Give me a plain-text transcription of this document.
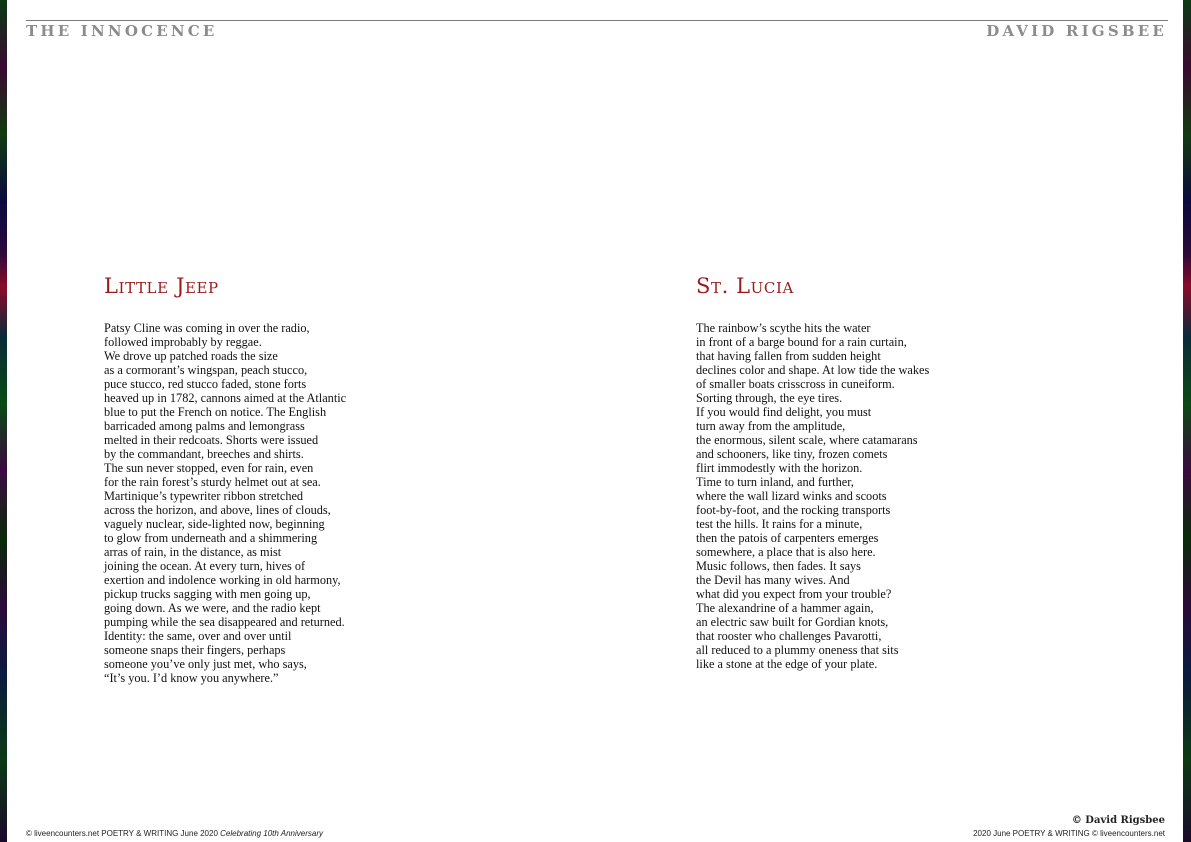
THE INNOCENCE	DAVID RIGSBEE
Little Jeep
Patsy Cline was coming in over the radio,
followed improbably by reggae.
We drove up patched roads the size
as a cormorant’s wingspan, peach stucco,
puce stucco, red stucco faded, stone forts
heaved up in 1782, cannons aimed at the Atlantic
blue to put the French on notice. The English
barricaded among palms and lemongrass
melted in their redcoats. Shorts were issued
by the commandant, breeches and shirts.
The sun never stopped, even for rain, even
for the rain forest’s sturdy helmet out at sea.
Martinique’s typewriter ribbon stretched
across the horizon, and above, lines of clouds,
vaguely nuclear, side-lighted now, beginning
to glow from underneath and a shimmering
arras of rain, in the distance, as mist
joining the ocean. At every turn, hives of
exertion and indolence working in old harmony,
pickup trucks sagging with men going up,
going down. As we were, and the radio kept
pumping while the sea disappeared and returned.
Identity: the same, over and over until
someone snaps their fingers, perhaps
someone you’ve only just met, who says,
“It’s you. I’d know you anywhere.”
St. Lucia
The rainbow’s scythe hits the water
in front of a barge bound for a rain curtain,
that having fallen from sudden height
declines color and shape. At low tide the wakes
of smaller boats crisscross in cuneiform.
Sorting through, the eye tires.
If you would find delight, you must
turn away from the amplitude,
the enormous, silent scale, where catamarans
and schooners, like tiny, frozen comets
flirt immodestly with the horizon.
Time to turn inland, and further,
where the wall lizard winks and scoots
foot-by-foot, and the rocking transports
test the hills. It rains for a minute,
then the patois of carpenters emerges
somewhere, a place that is also here.
Music follows, then fades. It says
the Devil has many wives. And
what did you expect from your trouble?
The alexandrine of a hammer again,
an electric saw built for Gordian knots,
that rooster who challenges Pavarotti,
all reduced to a plummy oneness that sits
like a stone at the edge of your plate.
© liveencounters.net POETRY & WRITING June 2020 Celebrating 10th Anniversary
© David Rigsbee
2020 June POETRY & WRITING © liveencounters.net
